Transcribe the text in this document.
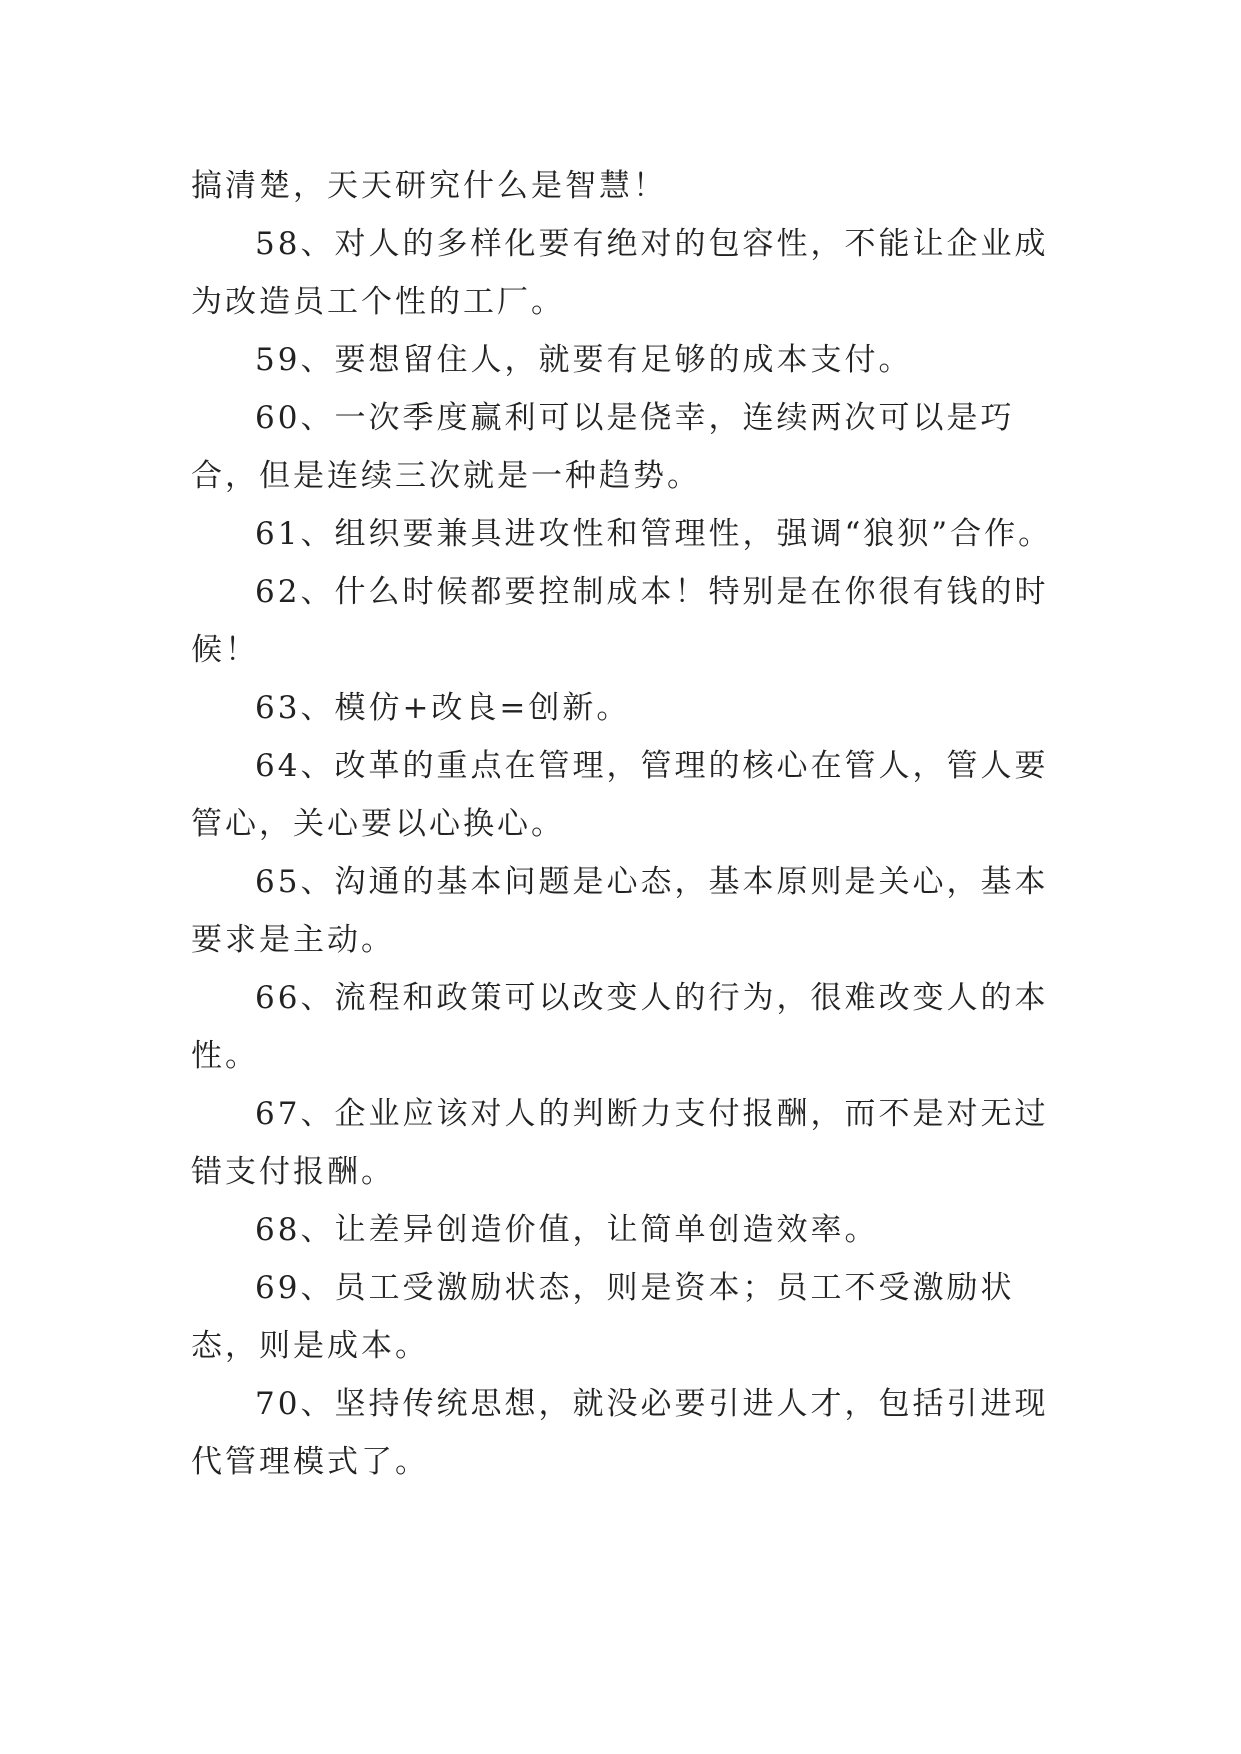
搞清楚，天天研究什么是智慧！

58、对人的多样化要有绝对的包容性，不能让企业成为改造员工个性的工厂。

59、要想留住人，就要有足够的成本支付。

60、一次季度赢利可以是侥幸，连续两次可以是巧合，但是连续三次就是一种趋势。

61、组织要兼具进攻性和管理性，强调“狼狈”合作。

62、什么时候都要控制成本！特别是在你很有钱的时候！

63、模仿+改良=创新。

64、改革的重点在管理，管理的核心在管人，管人要管心，关心要以心换心。

65、沟通的基本问题是心态，基本原则是关心，基本要求是主动。

66、流程和政策可以改变人的行为，很难改变人的本性。

67、企业应该对人的判断力支付报酬，而不是对无过错支付报酬。

68、让差异创造价值，让简单创造效率。

69、员工受激励状态，则是资本；员工不受激励状态，则是成本。

70、坚持传统思想，就没必要引进人才，包括引进现代管理模式了。
